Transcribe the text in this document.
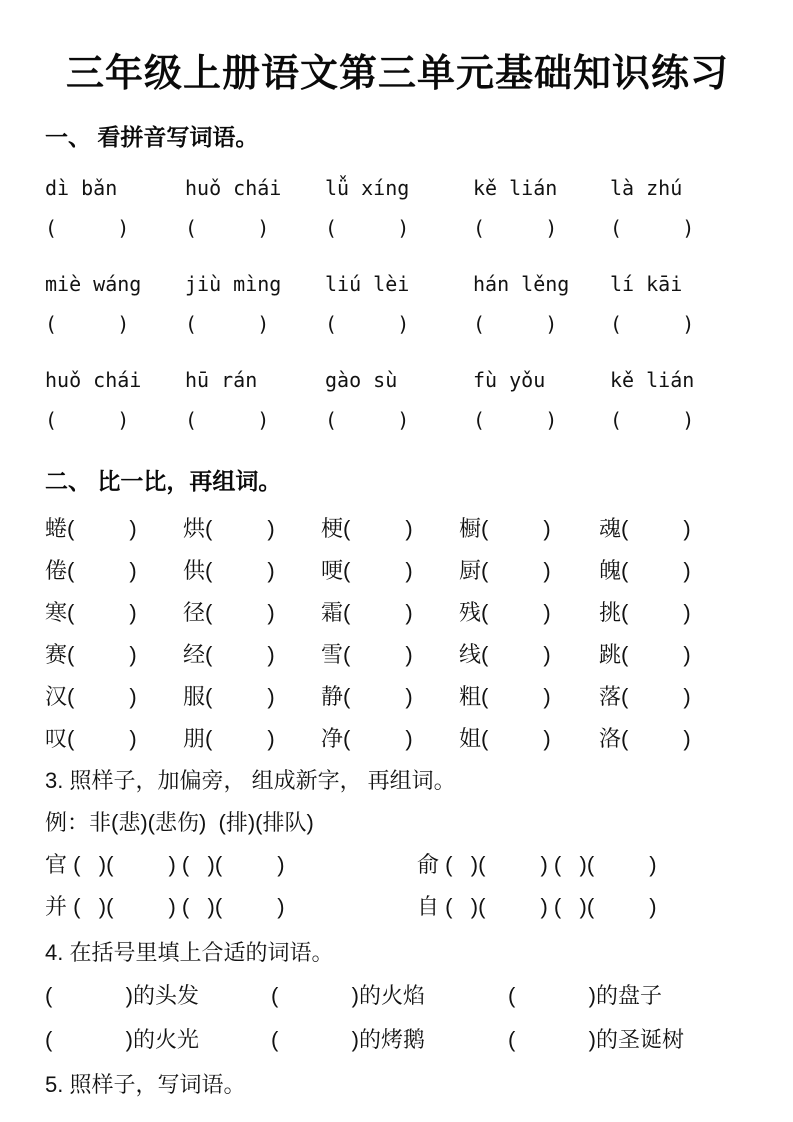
三年级上册语文第三单元基础知识练习
一、 看拼音写词语。
dì bǎn	huǒ chái	lǚ xíng	kě lián	là zhú
(     )	(     )	(     )	(     )	(     )
miè wáng	jiù mìng	liú lèi	hán lěng	lí kāi
(     )	(     )	(     )	(     )	(     )
huǒ chái	hū rán	gào sù	fù yǒu	kě lián
(     )	(     )	(     )	(     )	(     )
二、 比一比，再组词。
蜷(         )	烘(         )	梗(         )	橱(         )	魂(         )
倦(         )	供(         )	哽(         )	厨(         )	魄(         )
寒(         )	径(         )	霜(         )	残(         )	挑(         )
赛(         )	经(         )	雪(         )	线(         )	跳(         )
汉(         )	服(         )	静(         )	粗(         )	落(         )
叹(         )	朋(         )	净(         )	姐(         )	洛(         )
3. 照样子，加偏旁， 组成新字， 再组词。
例：非(悲)(悲伤)  (排)(排队)
官 (   )(         ) (   )(         )	俞 (   )(         ) (   )(         )
并 (   )(         ) (   )(         )	自 (   )(         ) (   )(         )
4. 在括号里填上合适的词语。
(            )的头发	(            )的火焰	(            )的盘子
(            )的火光	(            )的烤鹅	(            )的圣诞树
5. 照样子，写词语。
